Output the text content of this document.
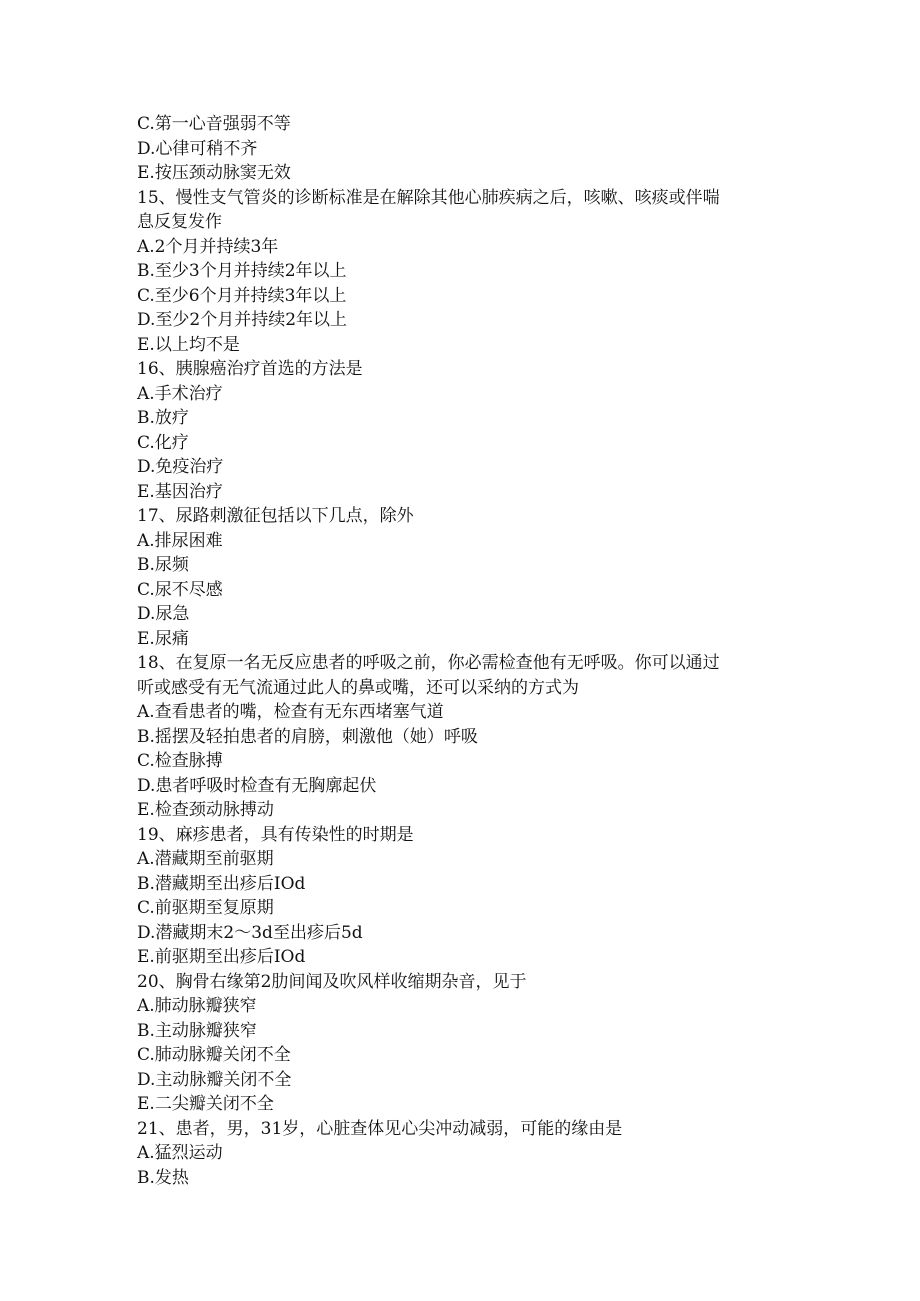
C.第一心音强弱不等
D.心律可稍不齐
E.按压颈动脉窦无效
15、慢性支气管炎的诊断标准是在解除其他心肺疾病之后，咳嗽、咳痰或伴喘
息反复发作
A.2个月并持续3年
B.至少3个月并持续2年以上
C.至少6个月并持续3年以上
D.至少2个月并持续2年以上
E.以上均不是
16、胰腺癌治疗首选的方法是
A.手术治疗
B.放疗
C.化疗
D.免疫治疗
E.基因治疗
17、尿路刺激征包括以下几点，除外
A.排尿困难
B.尿频
C.尿不尽感
D.尿急
E.尿痛
18、在复原一名无反应患者的呼吸之前，你必需检查他有无呼吸。你可以通过
听或感受有无气流通过此人的鼻或嘴，还可以采纳的方式为
A.查看患者的嘴，检查有无东西堵塞气道
B.摇摆及轻拍患者的肩膀，刺激他（她）呼吸
C.检查脉搏
D.患者呼吸时检查有无胸廓起伏
E.检查颈动脉搏动
19、麻疹患者，具有传染性的时期是
A.潜藏期至前驱期
B.潜藏期至出疹后IOd
C.前驱期至复原期
D.潜藏期末2～3d至出疹后5d
E.前驱期至出疹后IOd
20、胸骨右缘第2肋间闻及吹风样收缩期杂音，见于
A.肺动脉瓣狭窄
B.主动脉瓣狭窄
C.肺动脉瓣关闭不全
D.主动脉瓣关闭不全
E.二尖瓣关闭不全
21、患者，男，31岁，心脏查体见心尖冲动减弱，可能的缘由是
A.猛烈运动
B.发热
